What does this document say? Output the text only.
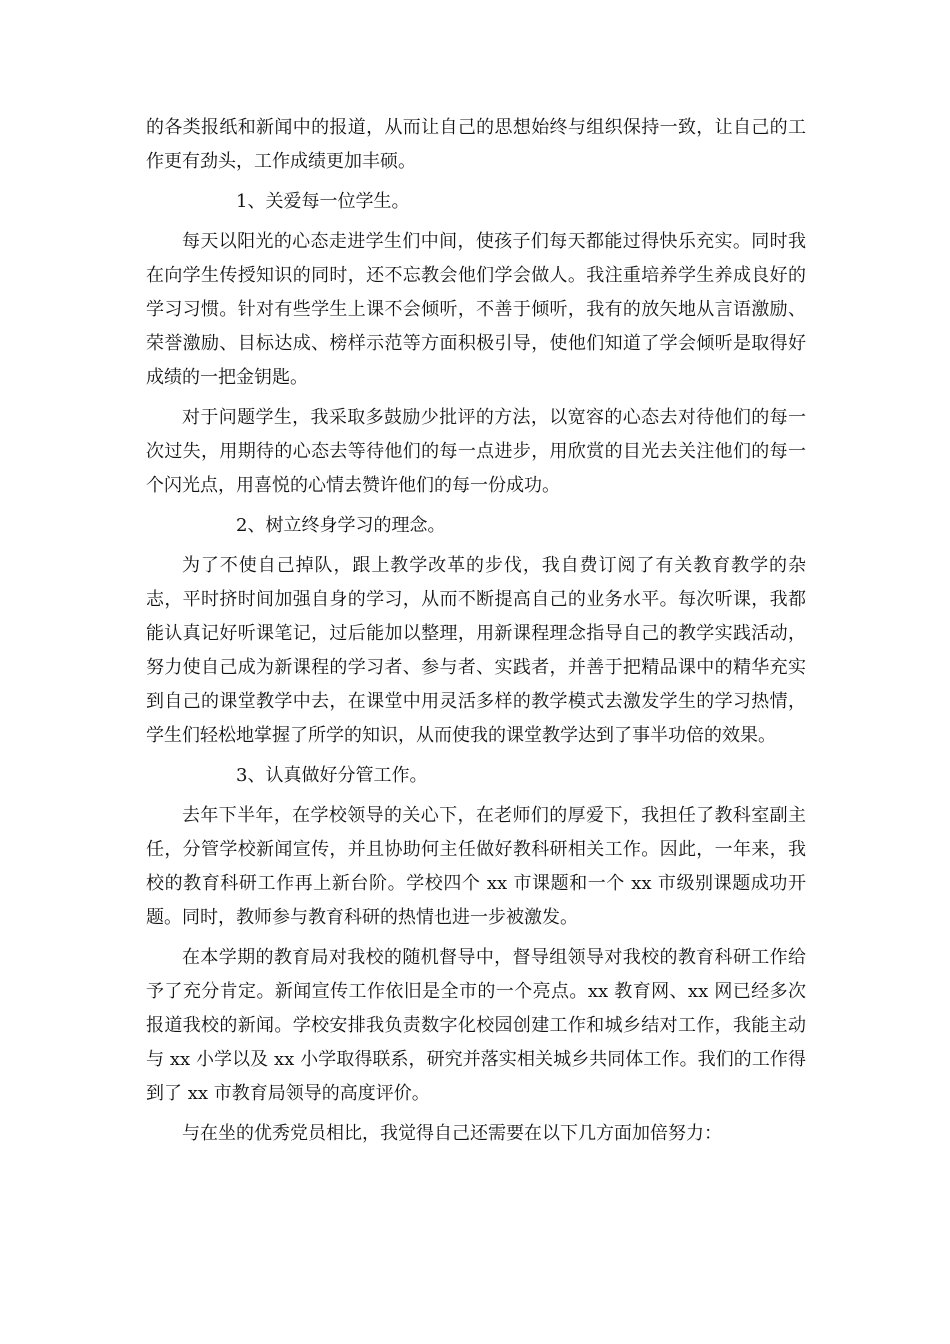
的各类报纸和新闻中的报道，从而让自己的思想始终与组织保持一致，让自己的工作更有劲头，工作成绩更加丰硕。

1、关爱每一位学生。

每天以阳光的心态走进学生们中间，使孩子们每天都能过得快乐充实。同时我在向学生传授知识的同时，还不忘教会他们学会做人。我注重培养学生养成良好的学习习惯。针对有些学生上课不会倾听，不善于倾听，我有的放矢地从言语激励、荣誉激励、目标达成、榜样示范等方面积极引导，使他们知道了学会倾听是取得好成绩的一把金钥匙。

对于问题学生，我采取多鼓励少批评的方法，以宽容的心态去对待他们的每一次过失，用期待的心态去等待他们的每一点进步，用欣赏的目光去关注他们的每一个闪光点，用喜悦的心情去赞许他们的每一份成功。

2、树立终身学习的理念。

为了不使自己掉队，跟上教学改革的步伐，我自费订阅了有关教育教学的杂志，平时挤时间加强自身的学习，从而不断提高自己的业务水平。每次听课，我都能认真记好听课笔记，过后能加以整理，用新课程理念指导自己的教学实践活动，努力使自己成为新课程的学习者、参与者、实践者，并善于把精品课中的精华充实到自己的课堂教学中去，在课堂中用灵活多样的教学模式去激发学生的学习热情，学生们轻松地掌握了所学的知识，从而使我的课堂教学达到了事半功倍的效果。

3、认真做好分管工作。

去年下半年，在学校领导的关心下，在老师们的厚爱下，我担任了教科室副主任，分管学校新闻宣传，并且协助何主任做好教科研相关工作。因此，一年来，我校的教育科研工作再上新台阶。学校四个 xx 市课题和一个 xx 市级别课题成功开题。同时，教师参与教育科研的热情也进一步被激发。

在本学期的教育局对我校的随机督导中，督导组领导对我校的教育科研工作给予了充分肯定。新闻宣传工作依旧是全市的一个亮点。xx 教育网、xx 网已经多次报道我校的新闻。学校安排我负责数字化校园创建工作和城乡结对工作，我能主动与 xx 小学以及 xx 小学取得联系，研究并落实相关城乡共同体工作。我们的工作得到了 xx 市教育局领导的高度评价。

与在坐的优秀党员相比，我觉得自己还需要在以下几方面加倍努力：
